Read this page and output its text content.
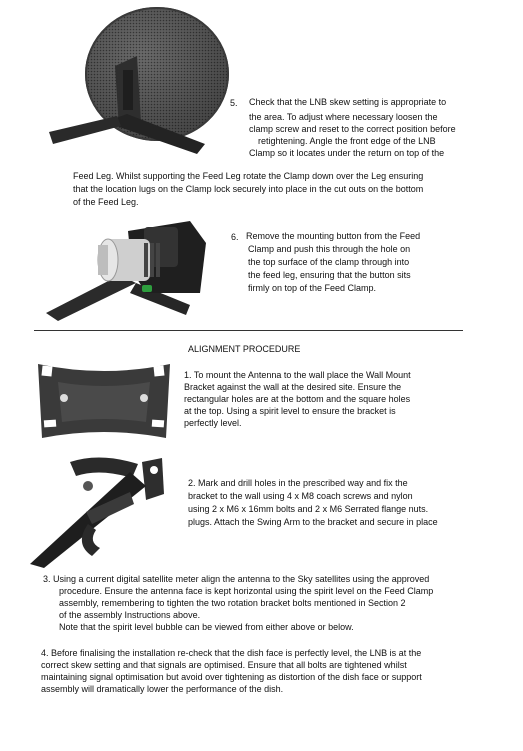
5. Check that the LNB skew setting is appropriate to

the area. To adjust where necessary loosen the

clamp screw and reset to the correct position before

retightening. Angle the front edge of the LNB

Clamp so it locates under the return on top of the

Feed Leg. Whilst supporting the Feed Leg rotate the Clamp down over the Leg ensuring

that the location lugs on the Clamp lock securely into place in the cut outs on the bottom

of the Feed Leg.

6. Remove the mounting button from the Feed

Clamp and push this through the hole on

the top surface of the clamp through into

the feed leg, ensuring that the button sits

firmly on top of the Feed Clamp.

ALIGNMENT PROCEDURE

1. To mount the Antenna to the wall place the Wall Mount

Bracket against the wall at the desired site. Ensure the

rectangular holes are at the bottom and the square holes

at the top. Using a spirit level to ensure the bracket is

perfectly level.

2. Mark and drill holes in the prescribed way and fix the

bracket to the wall using 4 x M8 coach screws and nylon

using 2 x M6 x 16mm bolts and 2 x M6 Serrated flange nuts.

plugs. Attach the Swing Arm to the bracket and secure in place

3. Using a current digital satellite meter align the antenna to the Sky satellites using the approved

procedure. Ensure the antenna face is kept horizontal using the spirit level on the Feed Clamp

assembly, remembering to tighten the two rotation bracket bolts mentioned in Section 2

of the assembly Instructions above.

Note that the spirit level bubble can be viewed from either above or below.

4. Before finalising the installation re-check that the dish face is perfectly level, the LNB is at the

correct skew setting and that signals are optimised. Ensure that all bolts are tightened whilst

maintaining signal optimisation but avoid over tightening as distortion of the dish face or support

assembly will dramatically lower the performance of the dish.
